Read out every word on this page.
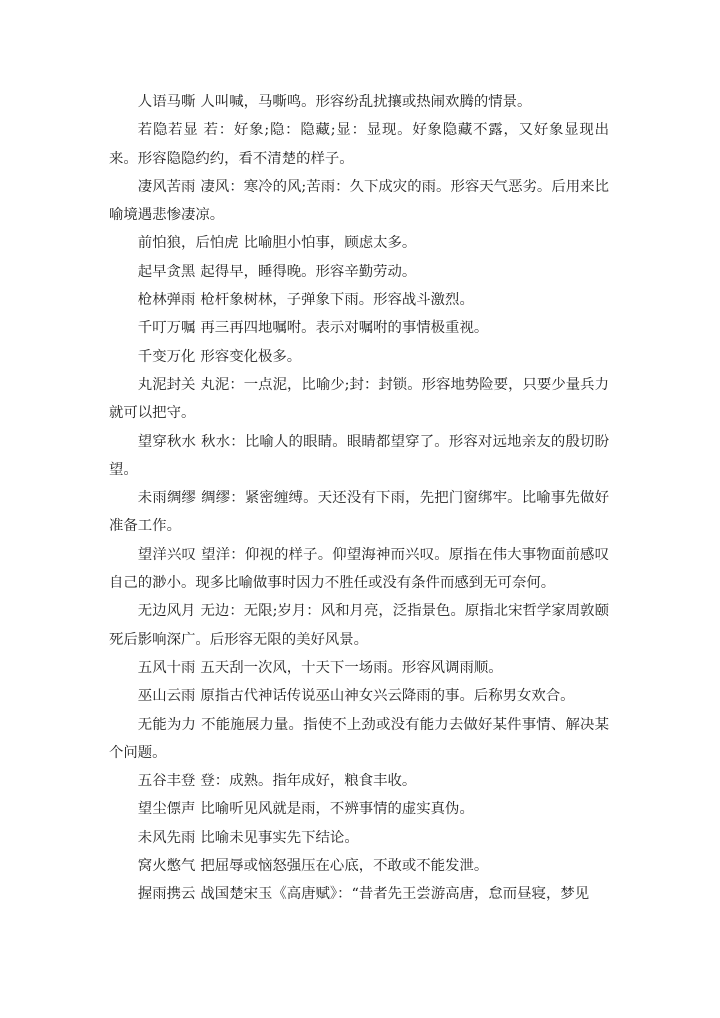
人语马嘶 人叫喊，马嘶鸣。形容纷乱扰攘或热闹欢腾的情景。

若隐若显 若：好象;隐：隐藏;显：显现。好象隐藏不露，又好象显现出来。形容隐隐约约，看不清楚的样子。

凄风苦雨 凄风：寒冷的风;苦雨：久下成灾的雨。形容天气恶劣。后用来比喻境遇悲惨凄凉。

前怕狼，后怕虎 比喻胆小怕事，顾虑太多。

起早贪黑 起得早，睡得晚。形容辛勤劳动。

枪林弹雨 枪杆象树林，子弹象下雨。形容战斗激烈。

千叮万嘱 再三再四地嘱咐。表示对嘱咐的事情极重视。

千变万化 形容变化极多。

丸泥封关 丸泥：一点泥，比喻少;封：封锁。形容地势险要，只要少量兵力就可以把守。

望穿秋水 秋水：比喻人的眼睛。眼睛都望穿了。形容对远地亲友的殷切盼望。

未雨绸缪 绸缪：紧密缠缚。天还没有下雨，先把门窗绑牢。比喻事先做好准备工作。

望洋兴叹 望洋：仰视的样子。仰望海神而兴叹。原指在伟大事物面前感叹自己的渺小。现多比喻做事时因力不胜任或没有条件而感到无可奈何。

无边风月 无边：无限;岁月：风和月亮，泛指景色。原指北宋哲学家周敦颐死后影响深广。后形容无限的美好风景。

五风十雨 五天刮一次风，十天下一场雨。形容风调雨顺。

巫山云雨 原指古代神话传说巫山神女兴云降雨的事。后称男女欢合。

无能为力 不能施展力量。指使不上劲或没有能力去做好某件事情、解决某个问题。

五谷丰登 登：成熟。指年成好，粮食丰收。

望尘僄声 比喻听见风就是雨，不辨事情的虚实真伪。

未风先雨 比喻未见事实先下结论。

窝火憋气 把屈辱或恼怒强压在心底，不敢或不能发泄。

握雨携云 战国楚宋玉《高唐赋》：“昔者先王尝游高唐，怠而昼寝，梦见
